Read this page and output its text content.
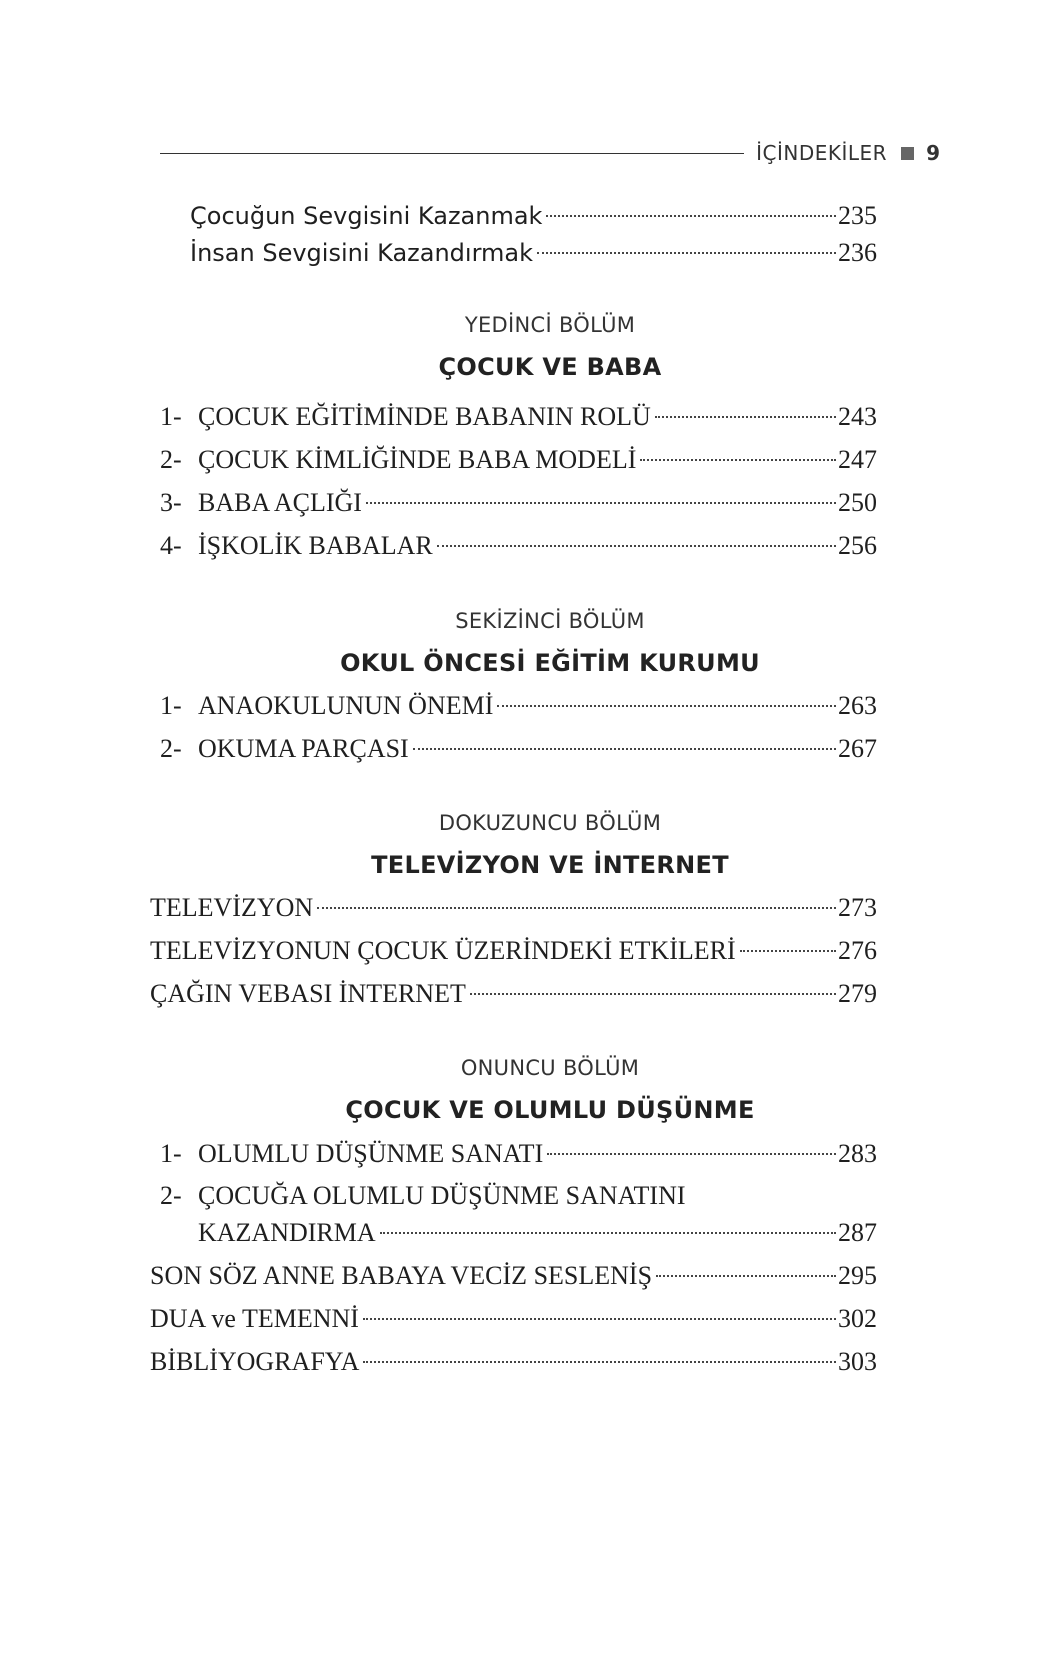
İÇİNDEKİLER 9
Çocuğun Sevgisini Kazanmak	235
İnsan Sevgisini Kazandırmak	236
YEDİNCİ BÖLÜM
ÇOCUK VE BABA
1- ÇOCUK EĞİTİMİNDE BABANIN ROLÜ	243
2- ÇOCUK KİMLİĞİNDE BABA MODELİ	247
3- BABA AÇLIĞI	250
4- İŞKOLİK BABALAR	256
SEKİZİNCİ BÖLÜM
OKUL ÖNCESİ EĞİTİM KURUMU
1- ANAOKULUNUN ÖNEMİ	263
2- OKUMA PARÇASI	267
DOKUZUNCU BÖLÜM
TELEVİZYON VE İNTERNET
TELEVİZYON	273
TELEVİZYONUN ÇOCUK ÜZERİNDEKİ ETKİLERİ	276
ÇAĞIN VEBASI İNTERNET	279
ONUNCU BÖLÜM
ÇOCUK VE OLUMLU DÜŞÜNME
1- OLUMLU DÜŞÜNME SANATI	283
2- ÇOCUĞA OLUMLU DÜŞÜNME SANATINI
KAZANDIRMA	287
SON SÖZ ANNE BABAYA VECİZ SESLENİŞ	295
DUA ve TEMENNİ	302
BİBLİYOGRAFYA	303
